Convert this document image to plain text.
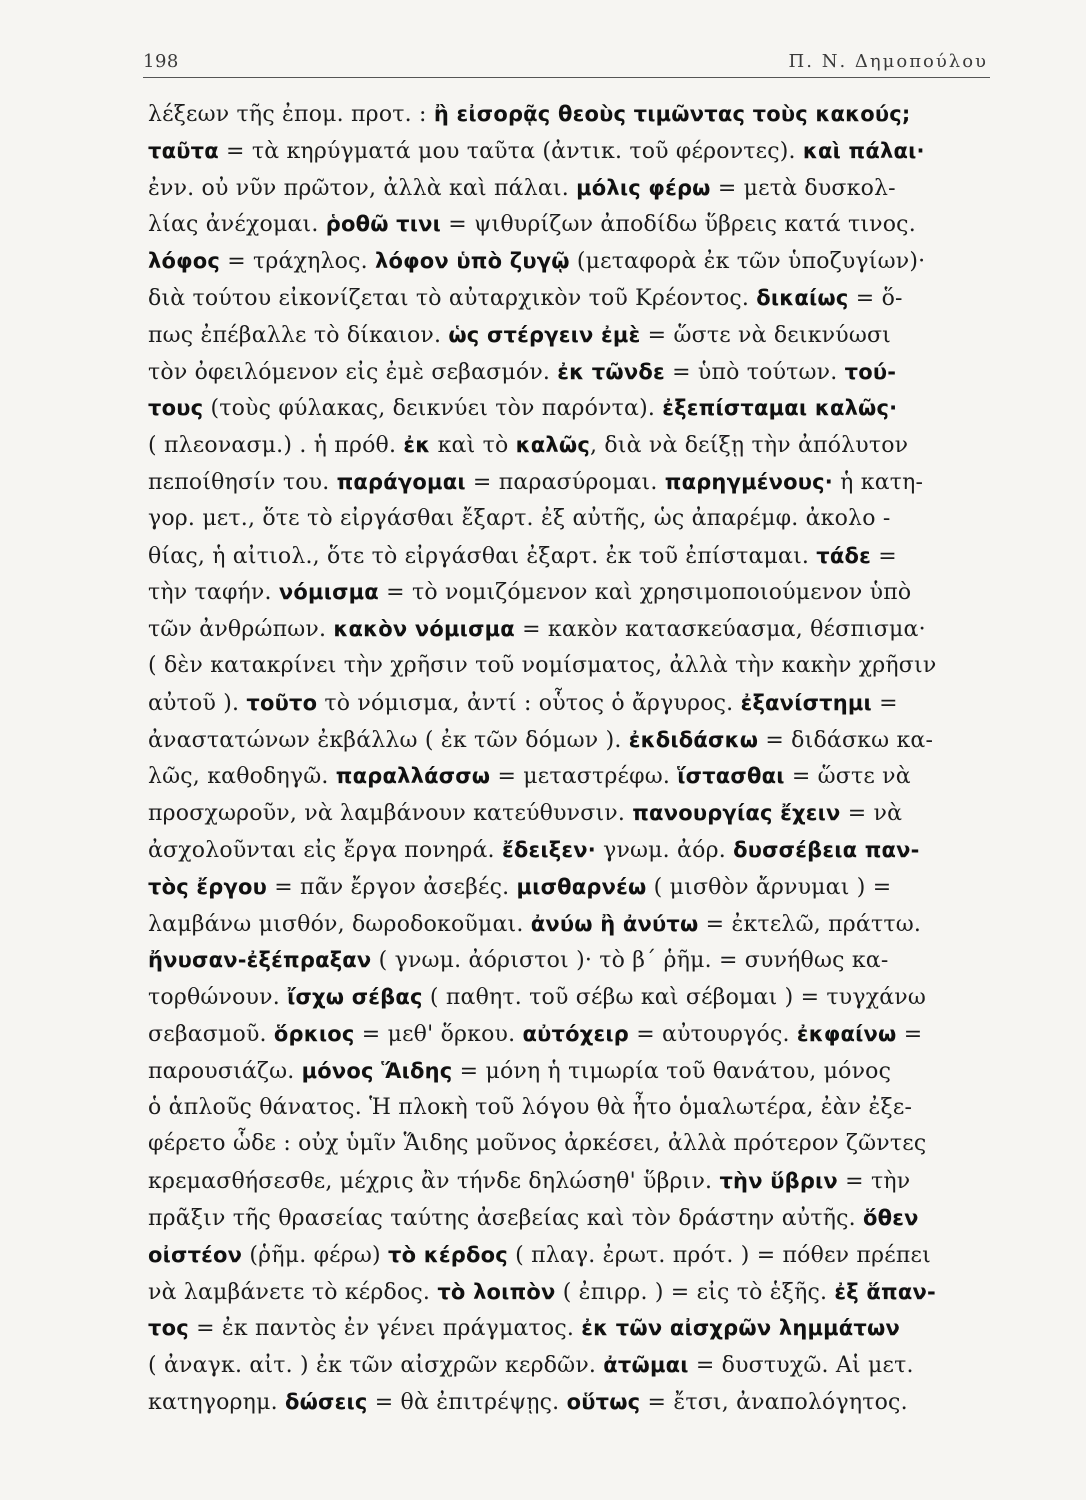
198	Π. Ν. Δημοπούλου
λέξεων τῆς ἐπομ. προτ. : ἢ εἰσορᾷς θεοὺς τιμῶντας τοὺς κακούς;
ταῦτα = τὰ κηρύγματά μου ταῦτα (ἀντικ. τοῦ φέροντες). καὶ πάλαι·
ἐνν. οὐ νῦν πρῶτον, ἀλλὰ καὶ πάλαι. μόλις φέρω = μετὰ δυσκολ-
λίας ἀνέχομαι. ῥοθῶ τινι = ψιθυρίζων ἀποδίδω ὕβρεις κατά τινος.
λόφος = τράχηλος. λόφον ὑπὸ ζυγῷ (μεταφορὰ ἐκ τῶν ὑποζυγίων)·
διὰ τούτου εἰκονίζεται τὸ αὐταρχικὸν τοῦ Κρέοντος. δικαίως = ὅ-
πως ἐπέβαλλε τὸ δίκαιον. ὡς στέργειν ἐμὲ = ὥστε νὰ δεικνύωσι
τὸν ὀφειλόμενον εἰς ἐμὲ σεβασμόν. ἐκ τῶνδε = ὑπὸ τούτων. τού-
τους (τοὺς φύλακας, δεικνύει τὸν παρόντα). ἐξεπίσταμαι καλῶς·
( πλεονασμ.) . ἡ πρόθ. ἐκ καὶ τὸ καλῶς, διὰ νὰ δείξῃ τὴν ἀπόλυτον
πεποίθησίν του. παράγομαι = παρασύρομαι. παρηγμένους· ἡ κατη-
γορ. μετ., ὅτε τὸ εἰργάσθαι ἔξαρτ. ἐξ αὐτῆς, ὡς ἀπαρέμφ. ἀκολο -
θίας, ἡ αἰτιολ., ὅτε τὸ εἰργάσθαι ἐξαρτ. ἐκ τοῦ ἐπίσταμαι. τάδε =
τὴν ταφήν. νόμισμα = τὸ νομιζόμενον καὶ χρησιμοποιούμενον ὑπὸ
τῶν ἀνθρώπων. κακὸν νόμισμα = κακὸν κατασκεύασμα, θέσπισμα·
( δὲν κατακρίνει τὴν χρῆσιν τοῦ νομίσματος, ἀλλὰ τὴν κακὴν χρῆσιν
αὐτοῦ ). τοῦτο τὸ νόμισμα, ἀντί : οὗτος ὁ ἄργυρος. ἐξανίστημι =
ἀναστατώνων ἐκβάλλω ( ἐκ τῶν δόμων ). ἐκδιδάσκω = διδάσκω κα-
λῶς, καθοδηγῶ. παραλλάσσω = μεταστρέφω. ἵστασθαι = ὥστε νὰ
προσχωροῦν, νὰ λαμβάνουν κατεύθυνσιν. πανουργίας ἔχειν = νὰ
ἀσχολοῦνται εἰς ἔργα πονηρά. ἔδειξεν· γνωμ. ἀόρ. δυσσέβεια παν-
τὸς ἔργου = πᾶν ἔργον ἀσεβές. μισθαρνέω ( μισθὸν ἄρνυμαι ) =
λαμβάνω μισθόν, δωροδοκοῦμαι. ἀνύω ἢ ἀνύτω = ἐκτελῶ, πράττω.
ἤνυσαν-ἐξέπραξαν ( γνωμ. ἀόριστοι )· τὸ β΄ ῥῆμ. = συνήθως κα-
τορθώνουν. ἴσχω σέβας ( παθητ. τοῦ σέβω καὶ σέβομαι ) = τυγχάνω
σεβασμοῦ. ὅρκιος = μεθ' ὅρκου. αὐτόχειρ = αὐτουργός. ἐκφαίνω =
παρουσιάζω. μόνος Ἅιδης = μόνη ἡ τιμωρία τοῦ θανάτου, μόνος
ὁ ἁπλοῦς θάνατος. Ἡ πλοκὴ τοῦ λόγου θὰ ἦτο ὁμαλωτέρα, ἐὰν ἐξε-
φέρετο ὧδε : οὐχ ὑμῖν Ἅιδης μοῦνος ἀρκέσει, ἀλλὰ πρότερον ζῶντες
κρεμασθήσεσθε, μέχρις ἂν τήνδε δηλώσηθ' ὕβριν. τὴν ὕβριν = τὴν
πρᾶξιν τῆς θρασείας ταύτης ἀσεβείας καὶ τὸν δράστην αὐτῆς. ὅθεν
οἰστέον (ῥῆμ. φέρω) τὸ κέρδος ( πλαγ. ἐρωτ. πρότ. ) = πόθεν πρέπει
νὰ λαμβάνετε τὸ κέρδος. τὸ λοιπὸν ( ἐπιρρ. ) = εἰς τὸ ἑξῆς. ἐξ ἅπαν-
τος = ἐκ παντὸς ἐν γένει πράγματος. ἐκ τῶν αἰσχρῶν λημμάτων
( ἀναγκ. αἰτ. ) ἐκ τῶν αἰσχρῶν κερδῶν. ἀτῶμαι = δυστυχῶ. Αἱ μετ.
κατηγορημ. δώσεις = θὰ ἐπιτρέψῃς. οὕτως = ἔτσι, ἀναπολόγητος.
